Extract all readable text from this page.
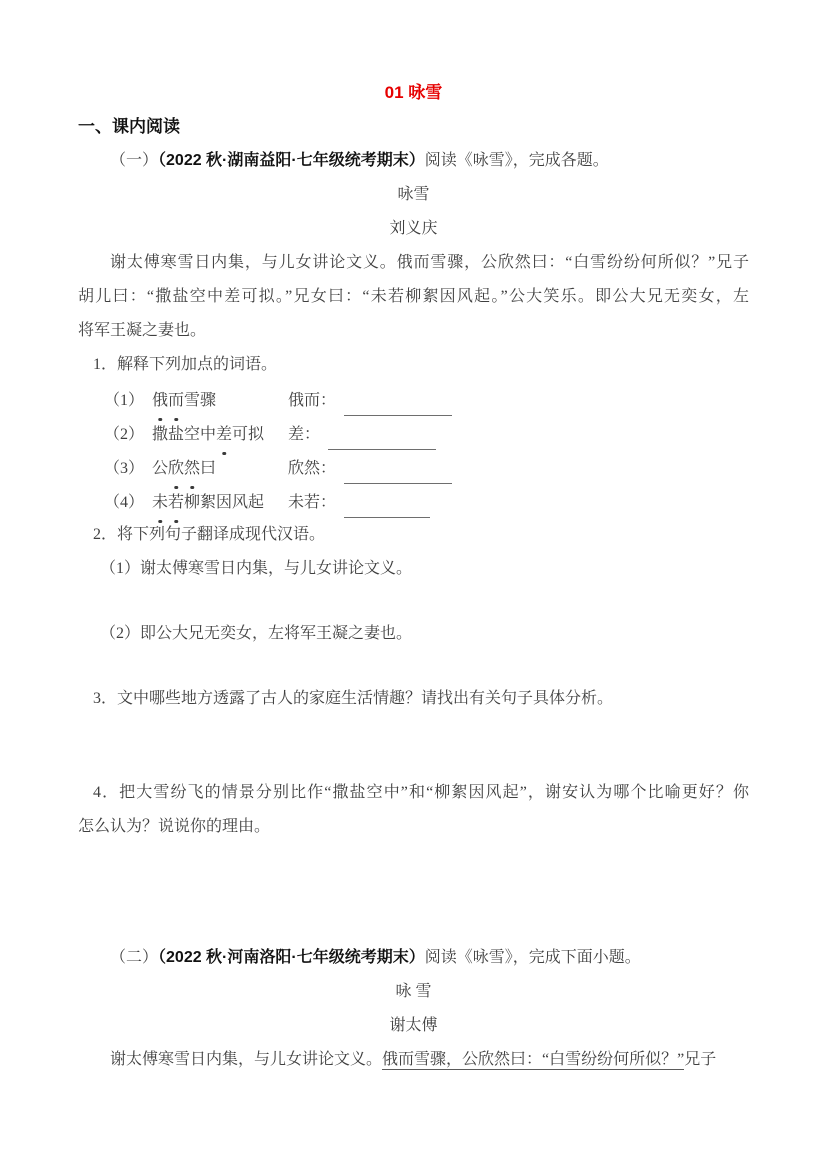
01 咏雪
一、课内阅读

（一）（2022 秋·湖南益阳·七年级统考期末）阅读《咏雪》，完成各题。

咏雪

刘义庆

谢太傅寒雪日内集，与儿女讲论文义。俄而雪骤，公欣然曰：“白雪纷纷何所似？”兄子

胡儿曰：“撒盐空中差可拟。”兄女曰：“未若柳絮因风起。”公大笑乐。即公大兄无奕女，左

将军王凝之妻也。

1．解释下列加点的词语。

（1） 俄而雪骤	俄而：
（2） 撒盐空中差可拟	差：
（3） 公欣然曰	欣然：
（4） 未若柳絮因风起	未若：

2．将下列句子翻译成现代汉语。

（1）谢太傅寒雪日内集，与儿女讲论文义。

（2）即公大兄无奕女，左将军王凝之妻也。

3．文中哪些地方透露了古人的家庭生活情趣？请找出有关句子具体分析。

4．把大雪纷飞的情景分别比作“撒盐空中”和“柳絮因风起”，谢安认为哪个比喻更好？你

怎么认为？说说你的理由。

（二）（2022 秋·河南洛阳·七年级统考期末）阅读《咏雪》，完成下面小题。

咏 雪

谢太傅

谢太傅寒雪日内集，与儿女讲论文义。俄而雪骤，公欣然曰：“白雪纷纷何所似？”兄子
